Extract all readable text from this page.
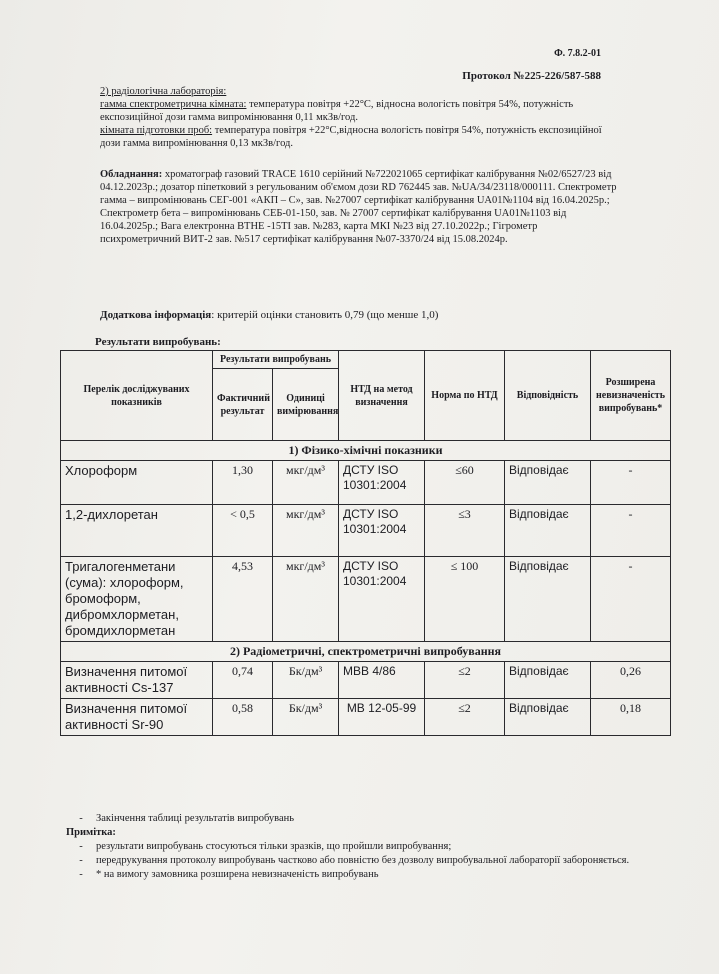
Ф. 7.8.2-01
Протокол №225-226/587-588
2) радіологічна лабораторія:
гамма спектрометрична кімната: температура повітря +22°С, відносна вологість повітря 54%, потужність експозиційної дози гамма випромінювання 0,11 мкЗв/год.
кімната підготовки проб: температура повітря +22°С,відносна вологість повітря 54%, потужність експозиційної дози гамма випромінювання 0,13 мкЗв/год.
Обладнання: хроматограф газовий TRACE 1610 серійний №722021065 сертифікат калібрування №02/6527/23 від 04.12.2023р.; дозатор піпетковий з регульованим об'ємом дози RD 762445 зав. №UA/34/23118/000111. Спектрометр гамма – випромінювань СЕГ-001 «АКП – С», зав. №27007 сертифікат калібрування UA01№1104 від 16.04.2025р.; Спектрометр бета – випромінювань СЕБ-01-150, зав. № 27007 сертифікат калібрування UA01№1103 від 16.04.2025р.; Вага електронна ВТНЕ -15ТІ зав. №283, карта МКІ №23 від 27.10.2022р.; Гігрометр психрометричний ВИТ-2 зав. №517 сертифікат калібрування №07-3370/24 від 15.08.2024р.
Додаткова інформація: критерій оцінки становить 0,79 (що менше 1,0)
Результати випробувань:
Перелік досліджуваних показників	Результати випробувань		НТД на метод визначення	Норма по НТД	Відповідність	Розширена невизначеність випробувань*
	Фактичний результат	Одиниці вимірювання				
1) Фізико-хімічні показники						
Хлороформ	1,30	мкг/дм³	ДСТУ ISO 10301:2004	≤60	Відповідає	-
1,2-дихлоретан	< 0,5	мкг/дм³	ДСТУ ISO 10301:2004	≤3	Відповідає	-
Тригалогенметани (сума): хлороформ, бромоформ, дибромхлорметан, бромдихлорметан	4,53	мкг/дм³	ДСТУ ISO 10301:2004	≤ 100	Відповідає	-
2) Радіометричні, спектрометричні випробування						
Визначення питомої активності Cs-137	0,74	Бк/дм³	МВВ 4/86	≤2	Відповідає	0,26
Визначення питомої активності Sr-90	0,58	Бк/дм³	МВ 12-05-99	≤2	Відповідає	0,18
-	Закінчення таблиці результатів випробувань
Примітка:
-	результати випробувань стосуються тільки зразків, що пройшли випробування;
-	передрукування протоколу випробувань частково або повністю без дозволу випробувальної лабораторії забороняється.
-	* на вимогу замовника розширена невизначеність випробувань
